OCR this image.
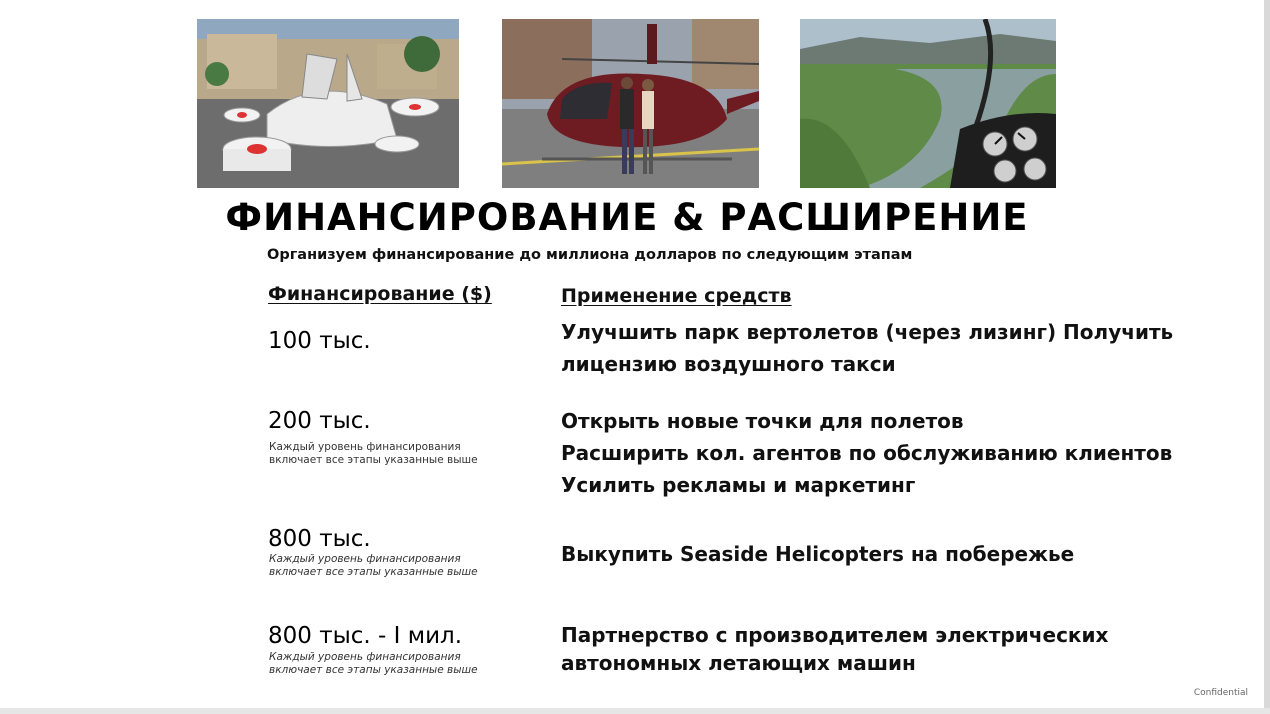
ФИНАНСИРОВАНИЕ & РАСШИРЕНИЕ
Организуем финансирование до миллиона долларов по следующим этапам
Финансирование ($)	Применение средств
100 тыс.	Улучшить парк вертолетов (через лизинг) Получить
лицензию воздушного такси
200 тыс.
Каждый уровень финансирования
включает все этапы указанные выше
Открыть новые точки для полетов
Расширить кол. агентов по обслуживанию клиентов
Усилить рекламы и маркетинг
800 тыс.
Каждый уровень финансирования
включает все этапы указанные выше
Выкупить Seaside Helicopters на побережье
800 тыс. - I мил.
Каждый уровень финансирования
включает все этапы указанные выше
Партнерство с производителем электрических
автономных летающих машин
Confidential
